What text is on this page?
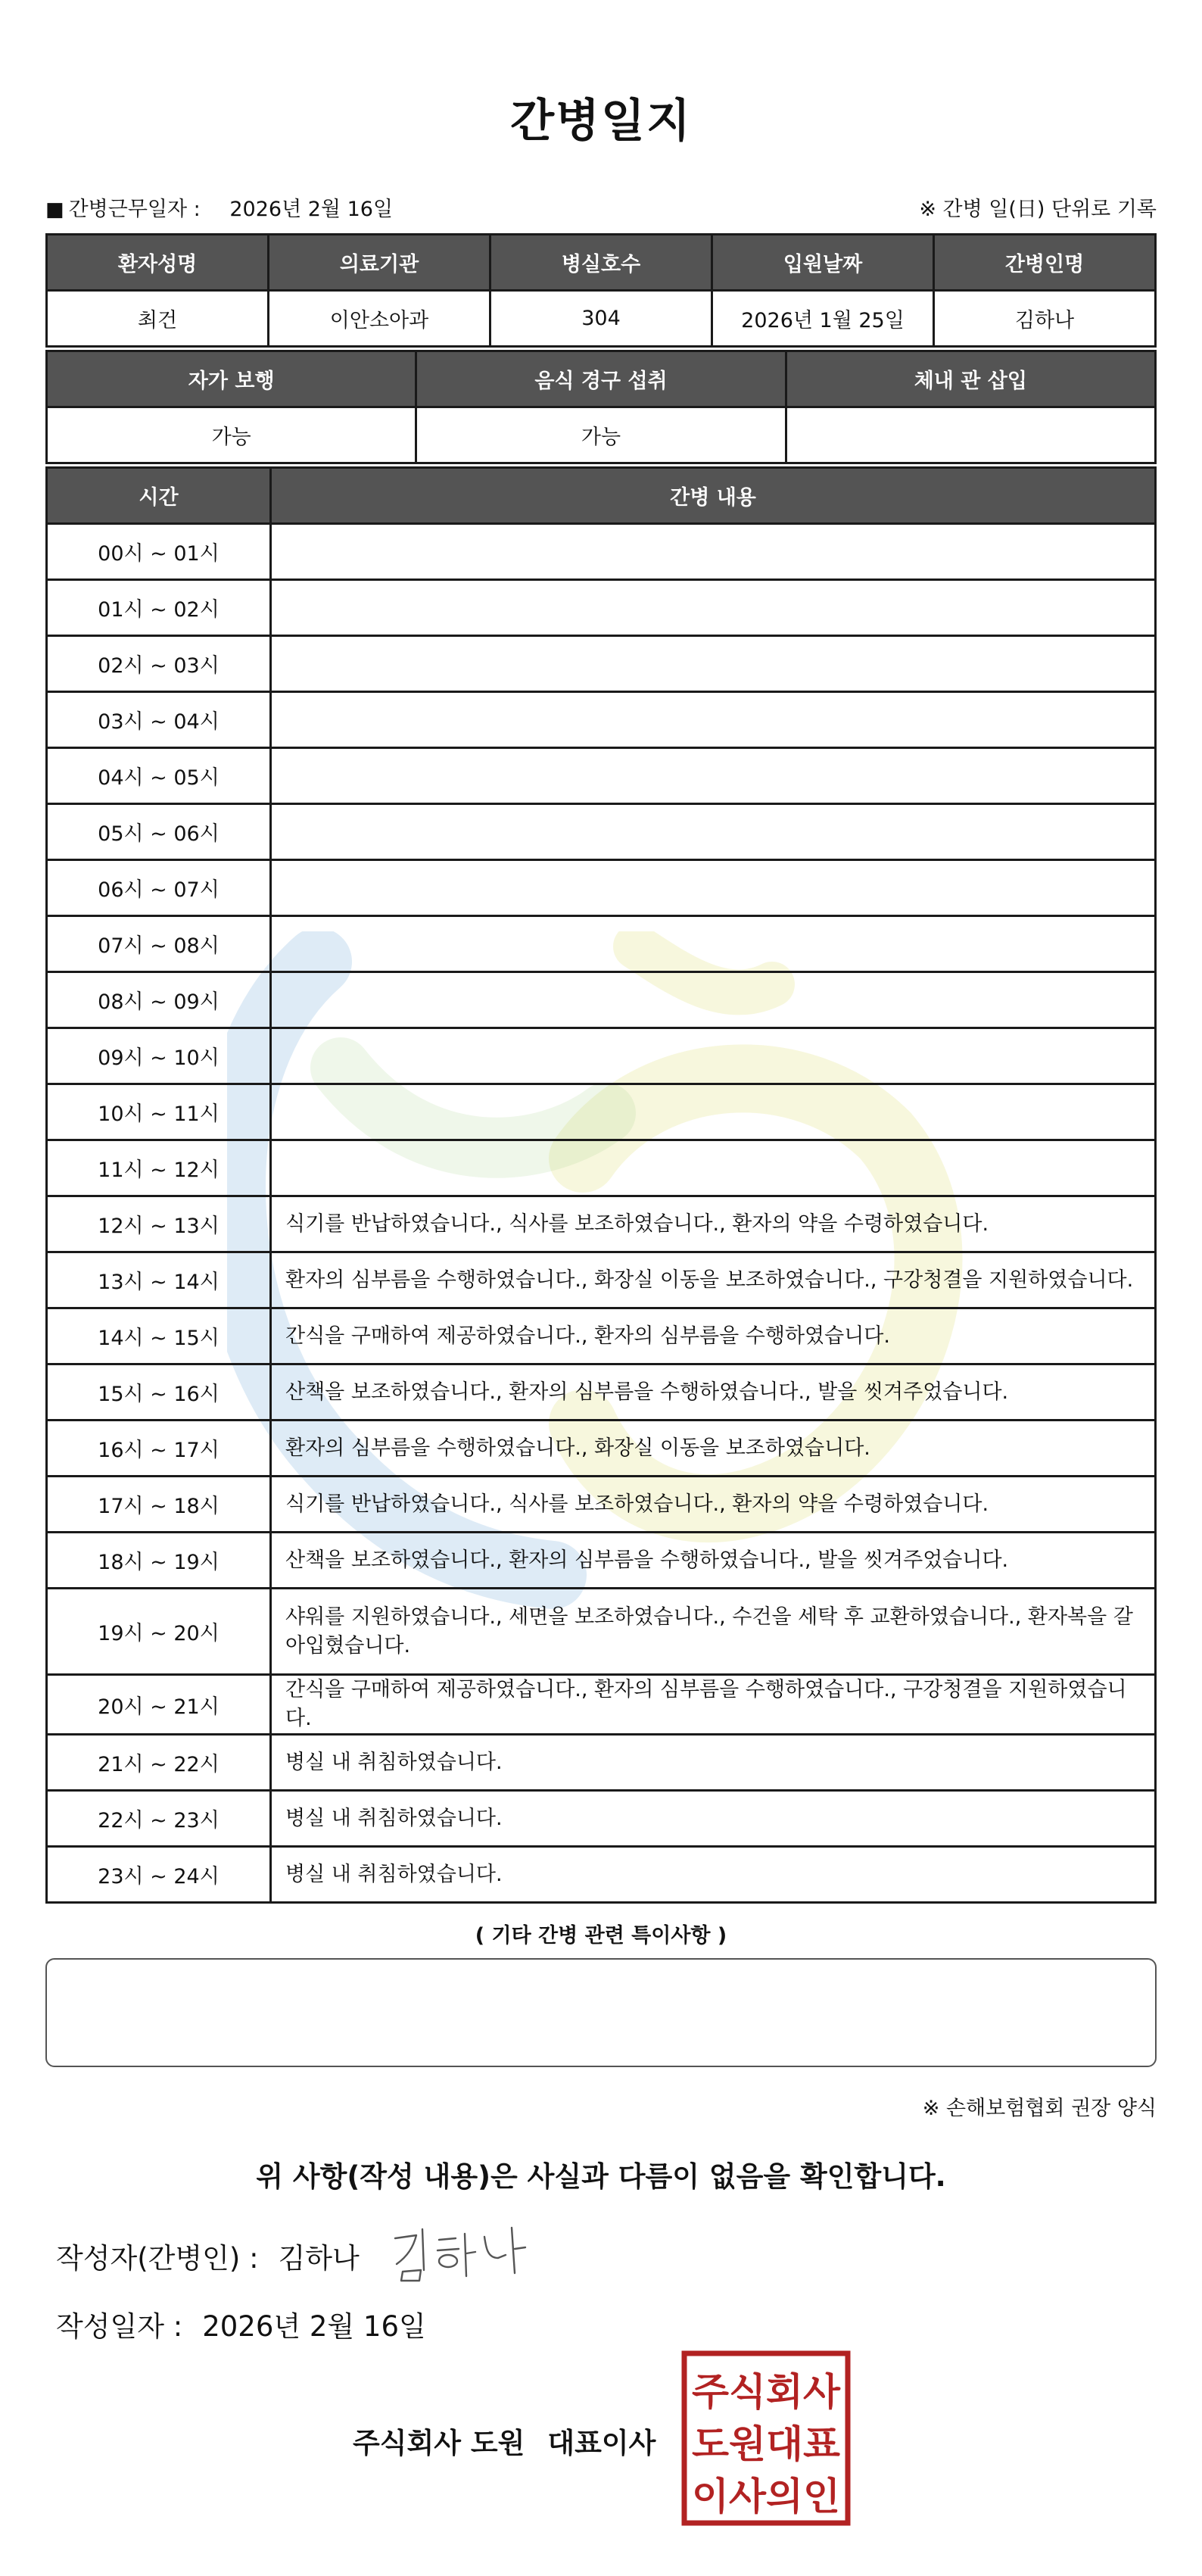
간병일지
■ 간병근무일자 : 2026년 2월 16일	※ 간병 일(日) 단위로 기록
환자성명	의료기관	병실호수	입원날짜	간병인명
최건	이안소아과	304	2026년 1월 25일	김하나
자가 보행	음식 경구 섭취	체내 관 삽입
가능	가능	
시간	간병 내용
00시 ~ 01시	
01시 ~ 02시	
02시 ~ 03시	
03시 ~ 04시	
04시 ~ 05시	
05시 ~ 06시	
06시 ~ 07시	
07시 ~ 08시	
08시 ~ 09시	
09시 ~ 10시	
10시 ~ 11시	
11시 ~ 12시	
12시 ~ 13시	식기를 반납하였습니다., 식사를 보조하였습니다., 환자의 약을 수령하였습니다.
13시 ~ 14시	환자의 심부름을 수행하였습니다., 화장실 이동을 보조하였습니다., 구강청결을 지원하였습니다.
14시 ~ 15시	간식을 구매하여 제공하였습니다., 환자의 심부름을 수행하였습니다.
15시 ~ 16시	산책을 보조하였습니다., 환자의 심부름을 수행하였습니다., 발을 씻겨주었습니다.
16시 ~ 17시	환자의 심부름을 수행하였습니다., 화장실 이동을 보조하였습니다.
17시 ~ 18시	식기를 반납하였습니다., 식사를 보조하였습니다., 환자의 약을 수령하였습니다.
18시 ~ 19시	산책을 보조하였습니다., 환자의 심부름을 수행하였습니다., 발을 씻겨주었습니다.
19시 ~ 20시	샤워를 지원하였습니다., 세면을 보조하였습니다., 수건을 세탁 후 교환하였습니다., 환자복을 갈아입혔습니다.
20시 ~ 21시	간식을 구매하여 제공하였습니다., 환자의 심부름을 수행하였습니다., 구강청결을 지원하였습니다.
21시 ~ 22시	병실 내 취침하였습니다.
22시 ~ 23시	병실 내 취침하였습니다.
23시 ~ 24시	병실 내 취침하였습니다.
( 기타 간병 관련 특이사항 )
※ 손해보험협회 권장 양식
위 사항(작성 내용)은 사실과 다름이 없음을 확인합니다.
작성자(간병인) : 김하나
작성일자 : 2026년 2월 16일
주식회사 도원 대표이사
주식회사
도원대표
이사의인
